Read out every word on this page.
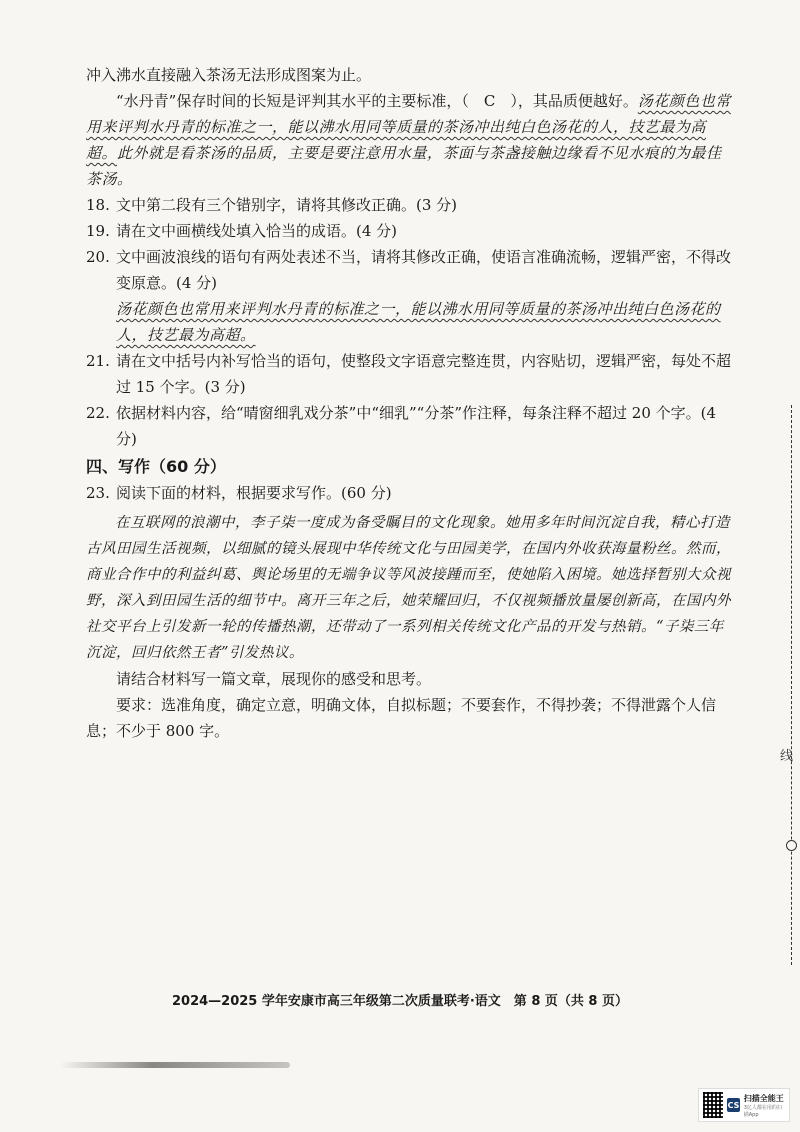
冲入沸水直接融入茶汤无法形成图案为止。

“水丹青”保存时间的长短是评判其水平的主要标准，（　C　），其品质便越好。汤花颜色也常用来评判水丹青的标准之一，能以沸水用同等质量的茶汤冲出纯白色汤花的人，技艺最为高超。此外就是看茶汤的品质，主要是要注意用水量，茶面与茶盏接触边缘看不见水痕的为最佳茶汤。

18. 文中第二段有三个错别字，请将其修改正确。(3 分)
19. 请在文中画横线处填入恰当的成语。(4 分)
20. 文中画波浪线的语句有两处表述不当，请将其修改正确，使语言准确流畅，逻辑严密，不得改变原意。(4 分)

汤花颜色也常用来评判水丹青的标准之一，能以沸水用同等质量的茶汤冲出纯白色汤花的人，技艺最为高超。

21. 请在文中括号内补写恰当的语句，使整段文字语意完整连贯，内容贴切，逻辑严密，每处不超过 15 个字。(3 分)
22. 依据材料内容，给“晴窗细乳戏分茶”中“细乳”“分茶”作注释，每条注释不超过 20 个字。(4 分)

四、写作（60 分）

23. 阅读下面的材料，根据要求写作。(60 分)

在互联网的浪潮中，李子柒一度成为备受瞩目的文化现象。她用多年时间沉淀自我，精心打造古风田园生活视频，以细腻的镜头展现中华传统文化与田园美学，在国内外收获海量粉丝。然而，商业合作中的利益纠葛、舆论场里的无端争议等风波接踵而至，使她陷入困境。她选择暂别大众视野，深入到田园生活的细节中。离开三年之后，她荣耀回归，不仅视频播放量屡创新高，在国内外社交平台上引发新一轮的传播热潮，还带动了一系列相关传统文化产品的开发与热销。“子柒三年沉淀，回归依然王者”引发热议。

请结合材料写一篇文章，展现你的感受和思考。

要求：选准角度，确定立意，明确文体，自拟标题；不要套作，不得抄袭；不得泄露个人信息；不少于 800 字。

2024—2025 学年安康市高三年级第二次质量联考·语文　第 8 页（共 8 页）
线
CS
扫描全能王
3亿人都在用的扫描App
